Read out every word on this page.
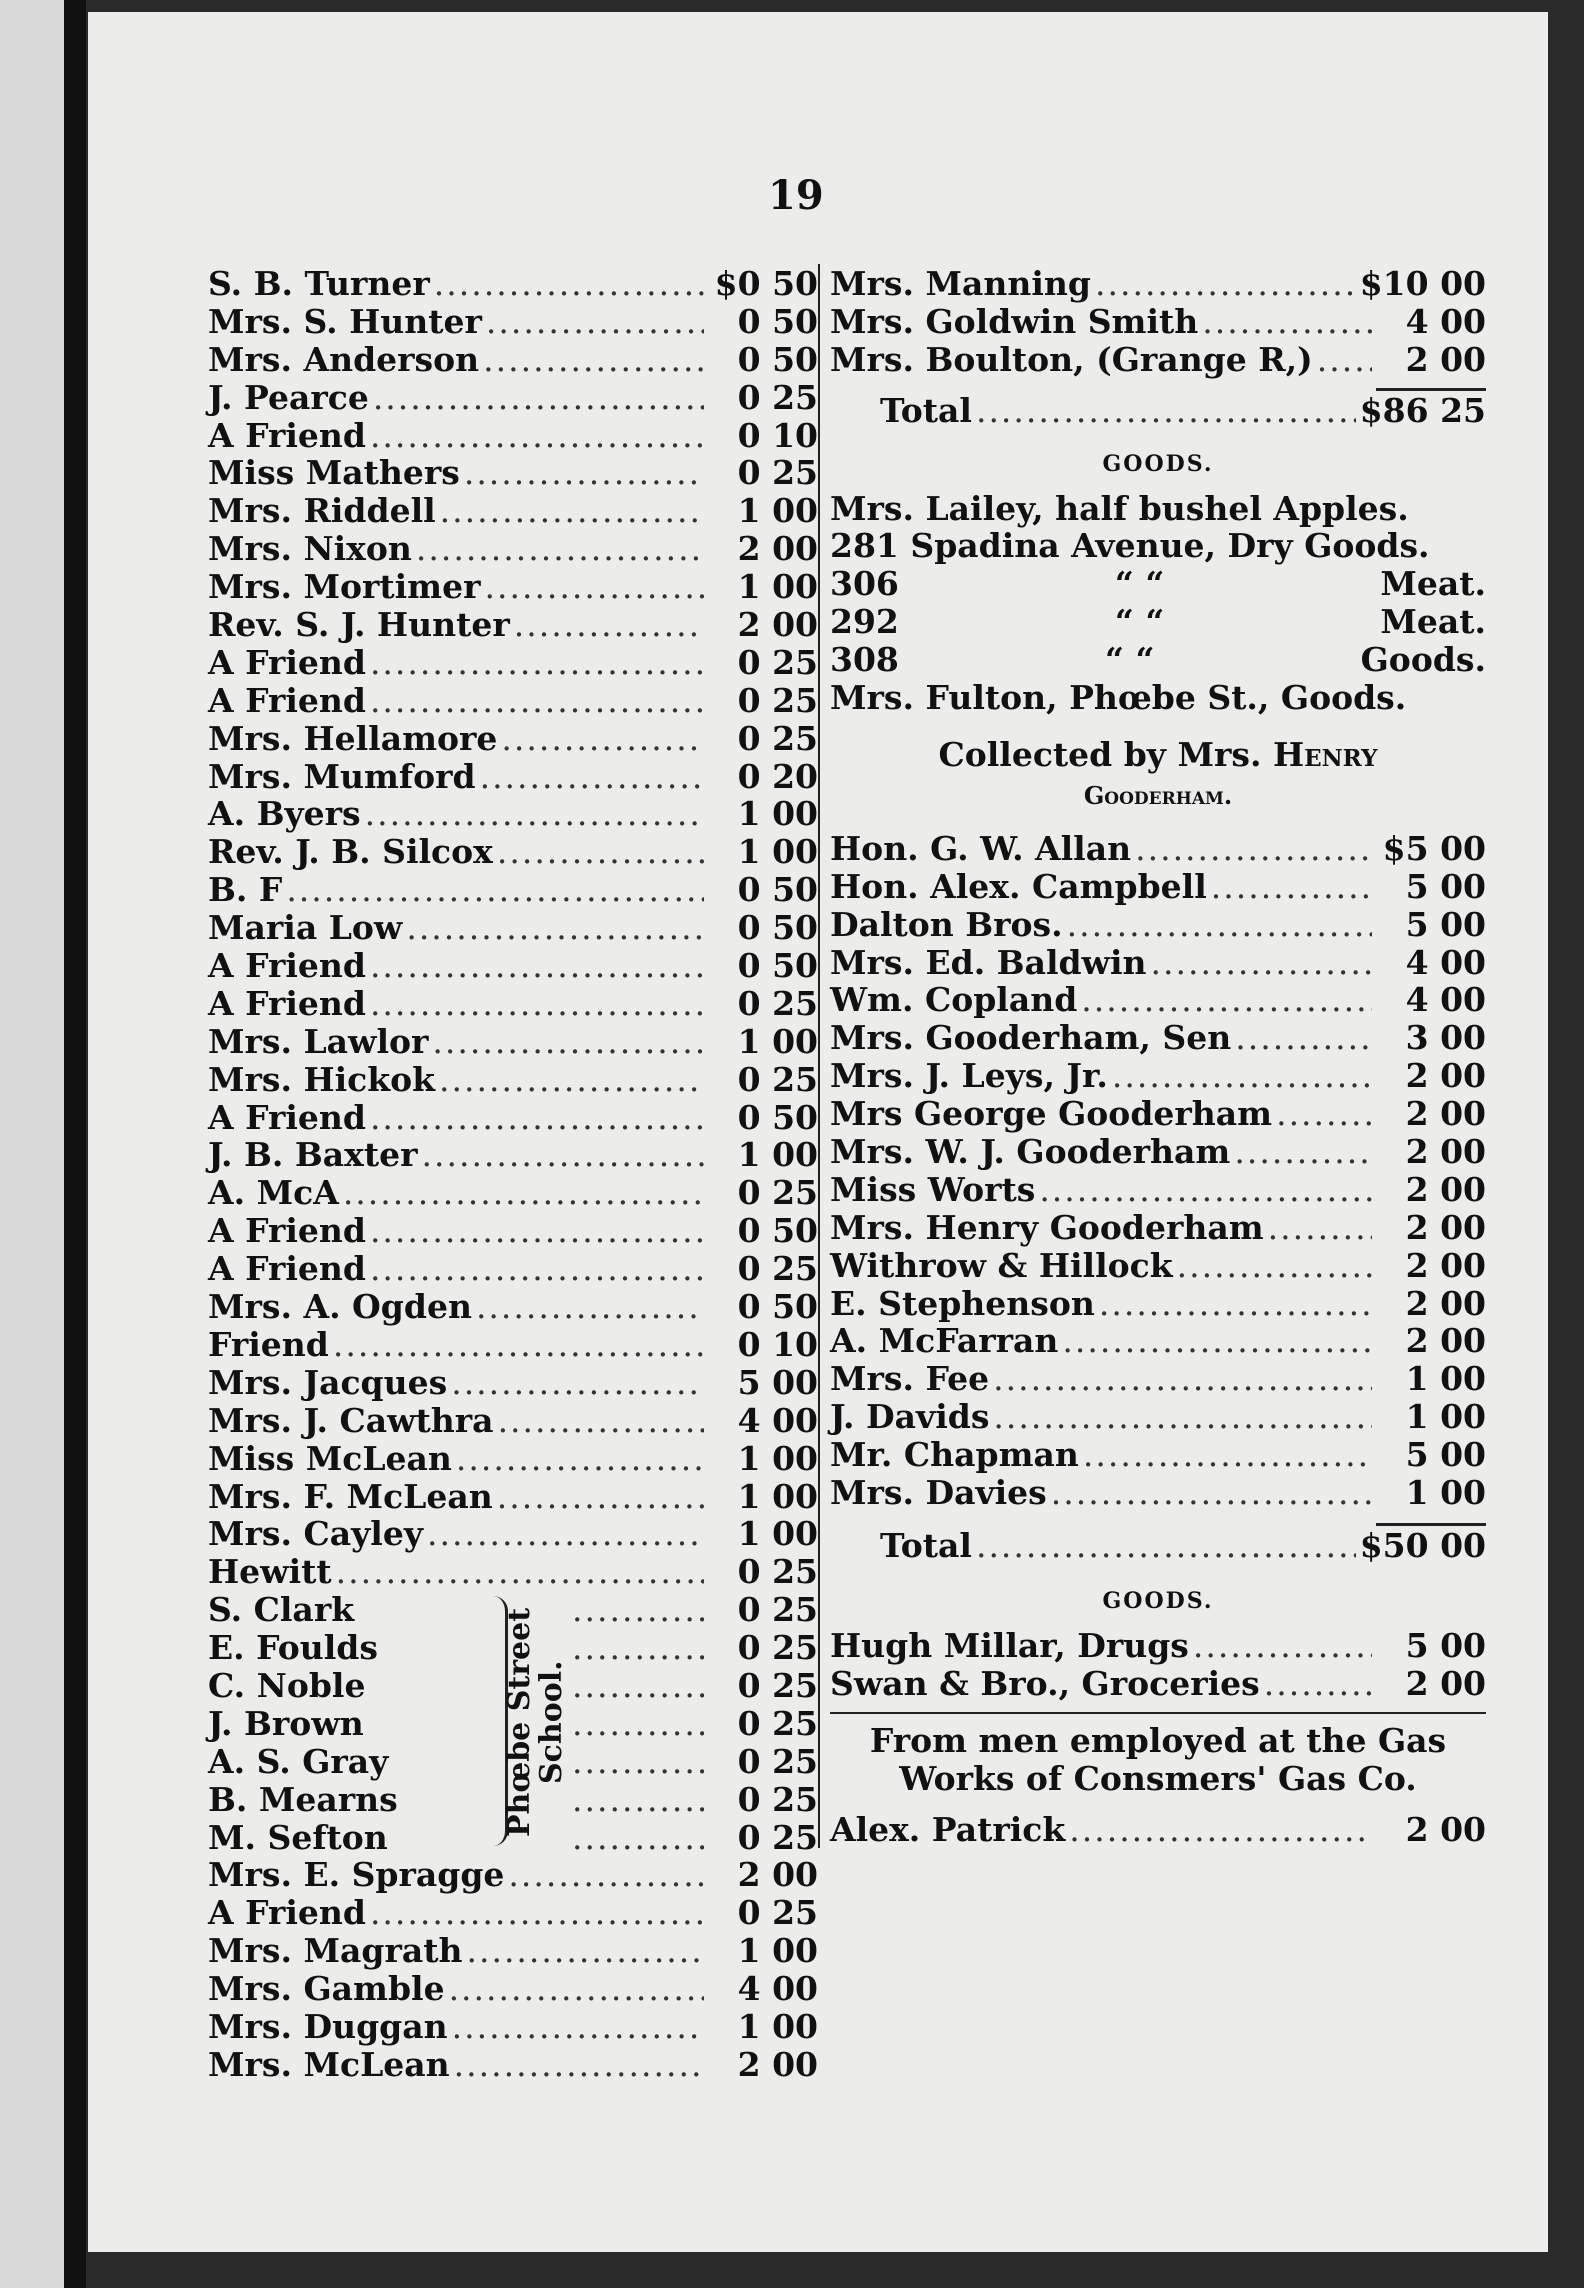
19
S. B. Turner .....	$0 50
Mrs. S. Hunter .....	0 50
Mrs. Anderson .....	0 50
J. Pearce .....	0 25
A Friend .....	0 10
Miss Mathers .....	0 25
Mrs. Riddell .....	1 00
Mrs. Nixon .....	2 00
Mrs. Mortimer .....	1 00
Rev. S. J. Hunter .....	2 00
A Friend .....	0 25
A Friend .....	0 25
Mrs. Hellamore .....	0 25
Mrs. Mumford .....	0 20
A. Byers .....	1 00
Rev. J. B. Silcox .....	1 00
B. F .....	0 50
Maria Low .....	0 50
A Friend .....	0 50
A Friend .....	0 25
Mrs. Lawlor .....	1 00
Mrs. Hickok .....	0 25
A Friend .....	0 50
J. B. Baxter .....	1 00
A. McA .....	0 25
A Friend .....	0 50
A Friend .....	0 25
Mrs. A. Ogden .....	0 50
Friend .....	0 10
Mrs. Jacques .....	5 00
Mrs. J. Cawthra .....	4 00
Miss McLean .....	1 00
Mrs. F. McLean .....	1 00
Mrs. Cayley .....	1 00
Hewitt .....	0 25
S. Clark .....	0 25
E. Foulds .....	0 25
C. Noble .....	0 25
J. Brown .....	0 25
A. S. Gray .....	0 25
B. Mearns .....	0 25
M. Sefton .....	0 25
Phœbe Street
School.
Mrs. E. Spragge .....	2 00
A Friend .....	0 25
Mrs. Magrath .....	1 00
Mrs. Gamble .....	4 00
Mrs. Duggan .....	1 00
Mrs. McLean .....	2 00
Mrs. Manning .....	$10 00
Mrs. Goldwin Smith .....	4 00
Mrs. Boulton, (Grange R,) .....	2 00
Total .....	$86 25
GOODS.
Mrs. Lailey, half bushel Apples.
281 Spadina Avenue, Dry Goods.
306	“ “	Meat.
292	“ “	Meat.
308	“ “	Goods.
Mrs. Fulton, Phœbe St., Goods.
Collected by Mrs. Henry
Gooderham.
Hon. G. W. Allan .....	$5 00
Hon. Alex. Campbell .....	5 00
Dalton Bros. .....	5 00
Mrs. Ed. Baldwin .....	4 00
Wm. Copland .....	4 00
Mrs. Gooderham, Sen .....	3 00
Mrs. J. Leys, Jr. .....	2 00
Mrs George Gooderham .....	2 00
Mrs. W. J. Gooderham .....	2 00
Miss Worts .....	2 00
Mrs. Henry Gooderham .....	2 00
Withrow & Hillock .....	2 00
E. Stephenson .....	2 00
A. McFarran .....	2 00
Mrs. Fee .....	1 00
J. Davids .....	1 00
Mr. Chapman .....	5 00
Mrs. Davies .....	1 00
Total .....	$50 00
GOODS.
Hugh Millar, Drugs .....	5 00
Swan & Bro., Groceries .....	2 00
From men employed at the Gas
Works of Consmers' Gas Co.
Alex. Patrick .....	2 00
